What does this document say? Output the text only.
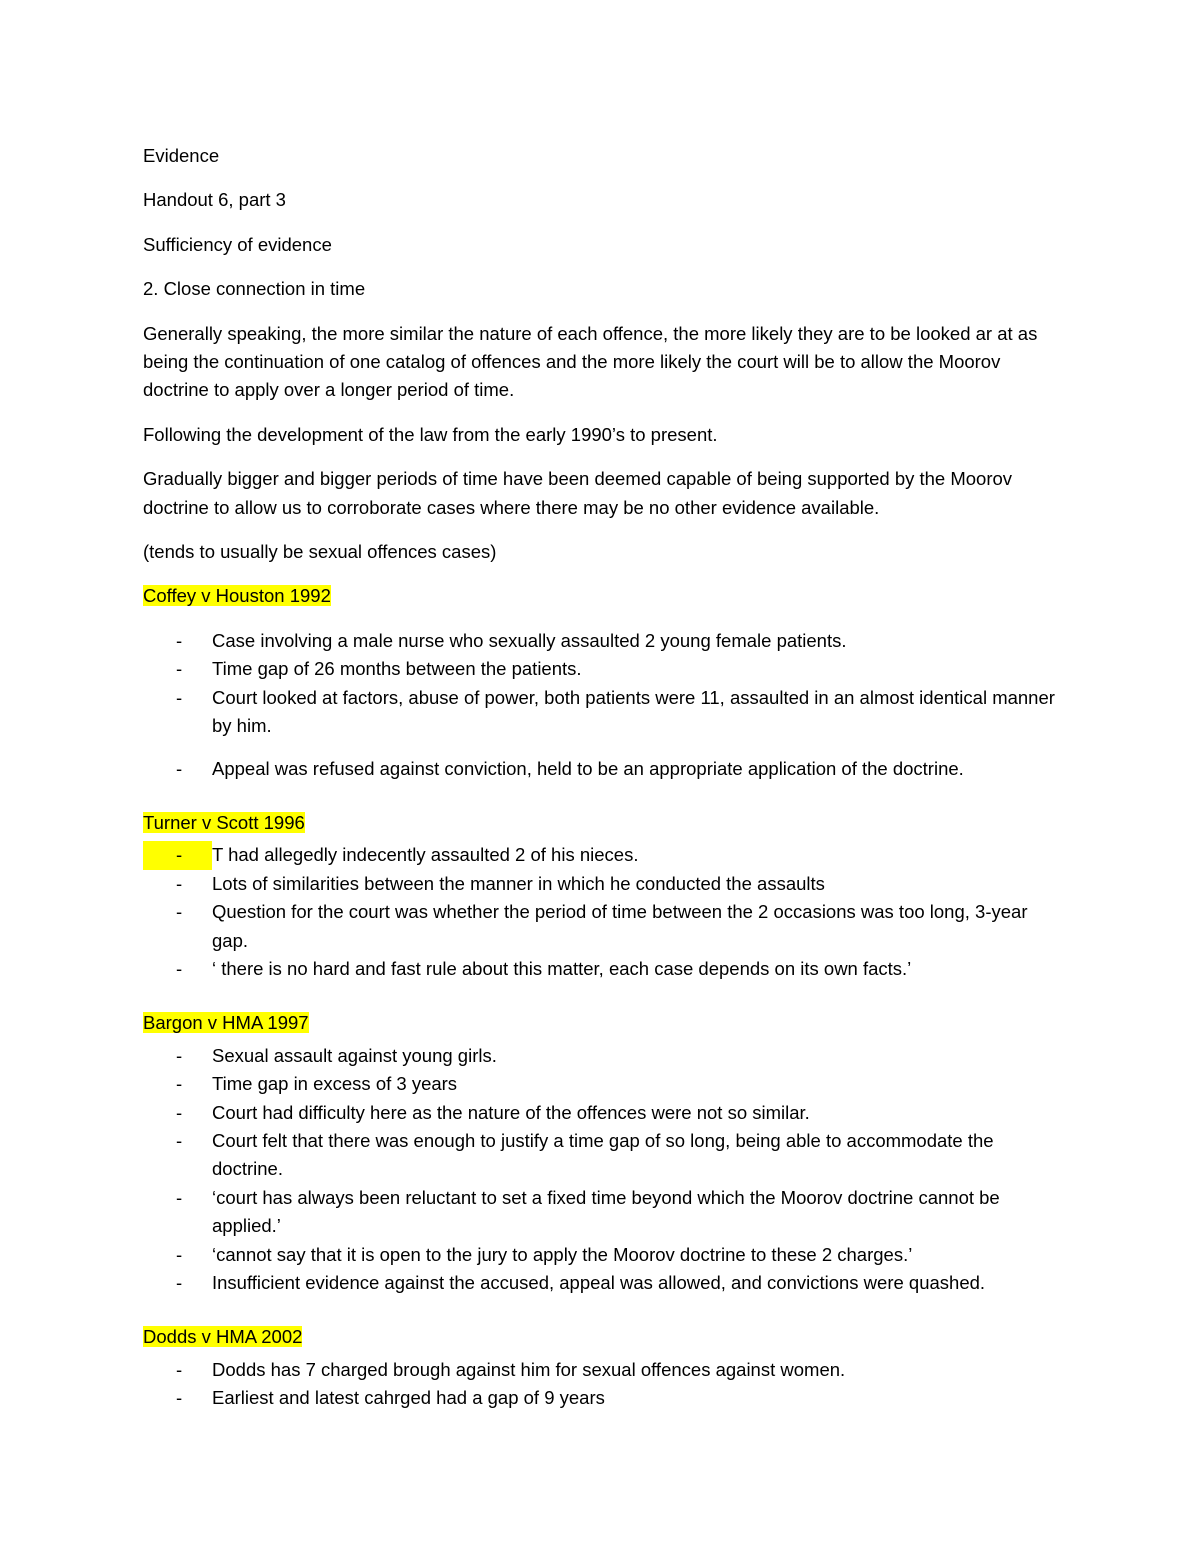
Evidence

Handout 6, part 3

Sufficiency of evidence

2. Close connection in time

Generally speaking, the more similar the nature of each offence, the more likely they are to be looked ar at as being the continuation of one catalog of offences and the more likely the court will be to allow the Moorov doctrine to apply over a longer period of time.

Following the development of the law from the early 1990’s to present.

Gradually bigger and bigger periods of time have been deemed capable of being supported by the Moorov doctrine to allow us to corroborate cases where there may be no other evidence available.

(tends to usually be sexual offences cases)

Coffey v Houston 1992
- Case involving a male nurse who sexually assaulted 2 young female patients.
- Time gap of 26 months between the patients.
- Court looked at factors, abuse of power, both patients were 11, assaulted in an almost identical manner by him.
- Appeal was refused against conviction, held to be an appropriate application of the doctrine.
Turner v Scott 1996
-	T had allegedly indecently assaulted 2 of his nieces.
- Lots of similarities between the manner in which he conducted the assaults
- Question for the court was whether the period of time between the 2 occasions was too long, 3-year gap.
- ‘ there is no hard and fast rule about this matter, each case depends on its own facts.’
Bargon v HMA 1997
- Sexual assault against young girls.
- Time gap in excess of 3 years
- Court had difficulty here as the nature of the offences were not so similar.
- Court felt that there was enough to justify a time gap of so long, being able to accommodate the doctrine.
- ‘court has always been reluctant to set a fixed time beyond which the Moorov doctrine cannot be applied.’
- ‘cannot say that it is open to the jury to apply the Moorov doctrine to these 2 charges.’
- Insufficient evidence against the accused, appeal was allowed, and convictions were quashed.
Dodds v HMA 2002
- Dodds has 7 charged brough against him for sexual offences against women.
- Earliest and latest cahrged had a gap of 9 years
